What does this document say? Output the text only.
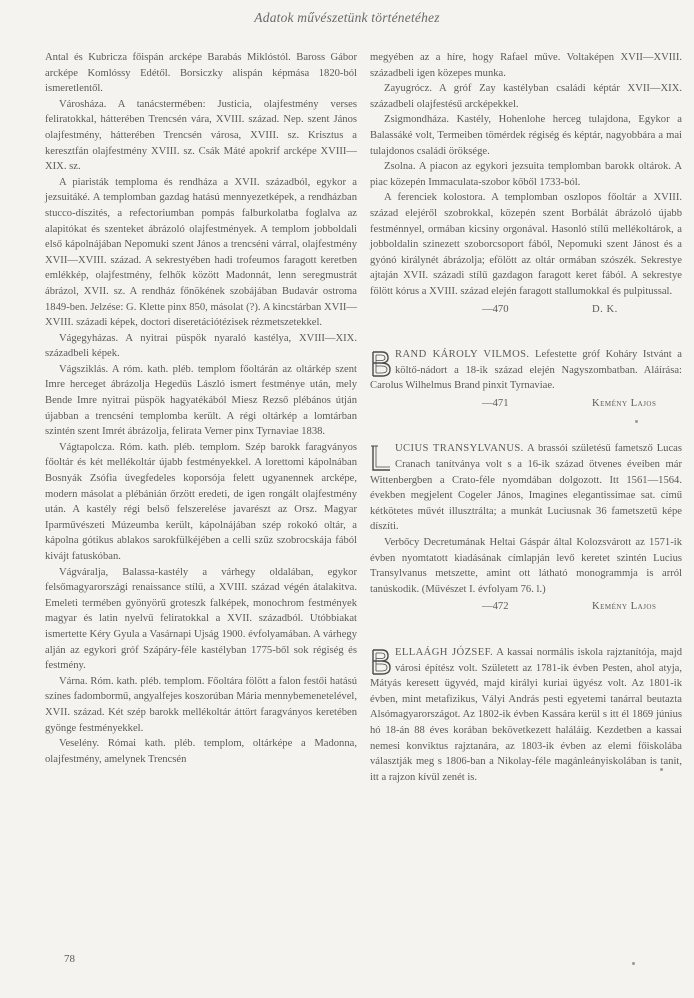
Adatok művészetünk történetéhez

Antal és Kubricza főispán arcképe Barabás Miklóstól. Baross Gábor arcképe Komlóssy Edétől. Borsiczky alispán képmása 1820-ból ismeretlentől.

Városháza. A tanácstermében: Justicia, olajfestmény verses feliratokkal, hátterében Trencsén vára, XVIII. század. Nep. szent János olajfestmény, hátterében Trencsén városa, XVIII. sz. Krisztus a keresztfán olajfestmény XVIII. sz. Csák Máté apokrif arcképe XVIII—XIX. sz.

A piaristák temploma és rendháza a XVII. századból, egykor a jezsuitáké. A templomban gazdag hatású mennyezetképek, a rendházban stucco-díszités, a refectoriumban pompás falburkolatba foglalva az alapitókat és szenteket ábrázoló olajfestmények. A templom jobboldali első kápolnájában Nepomuki szent János a trencséni várral, olajfestmény XVII—XVIII. század. A sekrestyében hadi trofeumos faragott keretben emlékkép, olajfestmény, felhők között Madonnát, lenn seregmustrát ábrázol, XVII. sz. A rendház főnökének szobájában Budavár ostroma 1849-ben. Jelzése: G. Klette pinx 850, másolat (?). A kincstárban XVII—XVIII. századi képek, doctori diseretációtézisek rézmetszetekkel.

Vágegyházas. A nyitrai püspök nyaraló kastélya, XVIII—XIX. századbeli képek.

Vágsziklás. A róm. kath. pléb. templom főoltárán az oltárkép szent Imre herceget ábrázolja Hegedüs László ismert festménye után, mely Bende Imre nyitrai püspök hagyatékából Miesz Rezső plébános útján újabban a trencséni templomba került. A régi oltárkép a lomtárban szintén szent Imrét ábrázolja, felirata Verner pinx Tyrnaviae 1838.

Vágtapolcza. Róm. kath. pléb. templom. Szép barokk faragványos főoltár és két mellékoltár újabb festményekkel. A lorettomi kápolnában Bosnyák Zsófia üvegfedeles koporsója felett ugyanennek arcképe, modern másolat a plébánián őrzött eredeti, de igen rongált olajfestmény után. A kastély régi belső felszerelése javarészt az Orsz. Magyar Iparművészeti Múzeumba került, kápolnájában szép rokokó oltár, a kápolna gótikus ablakos sarokfülkéjében a celli szűz szobrocskája fából kivájt fatuskóban.

Vágváralja, Balassa-kastély a várhegy oldalában, egykor felsőmagyarországi renaissance stílű, a XVIII. század végén átalakitva. Emeleti termében gyönyörű groteszk falképek, monochrom festmények magyar és latin nyelvű feliratokkal a XVII. századból. Utóbbiakat ismertette Kéry Gyula a Vasárnapi Ujság 1900. évfolyamában. A várhegy alján az egykori gróf Szápáry-féle kastélyban 1775-ből sok régiség és festmény.

Várna. Róm. kath. pléb. templom. Főoltára fölött a falon festői hatású színes fadombormű, angyalfejes koszorúban Mária mennybemenetelével, XVII. század. Két szép barokk mellékoltár áttört faragványos keretében gyönge festményekkel.

Veselény. Római kath. pléb. templom, oltárképe a Madonna, olajfestmény, amelynek Trencsén

megyében az a híre, hogy Rafael műve. Voltaképen XVII—XVIII. századbeli igen közepes munka.

Zayugrócz. A gróf Zay kastélyban családi képtár XVII—XIX. századbeli olajfestésű arcképekkel.

Zsigmondháza. Kastély, Hohenlohe herceg tulajdona, Egykor a Balassáké volt, Termeiben tömérdek régiség és képtár, nagyobbára a mai tulajdonos családi öröksége.

Zsolna. A piacon az egykori jezsuita templomban barokk oltárok. A piac közepén Immaculata-szobor kőből 1733-ból.

A ferenciek kolostora. A templomban oszlopos főoltár a XVIII. század elejéről szobrokkal, közepén szent Borbálát ábrázoló újabb festménnyel, ormában kicsiny orgonával. Hasonló stílű mellékoltárok, a jobboldalin szinezett szoborcsoport fából, Nepomuki szent Jánost és a gyónó királynét ábrázolja; efölött az oltár ormában szószék. Sekrestye ajtaján XVII. századi stílű gazdagon faragott keret fából. A sekrestye fölött kórus a XVIII. század elején faragott stallumokkal és pulpitussal.

—470	D. K.

RAND KÁROLY VILMOS. Lefestette gróf Koháry Istvánt a költő-nádort a 18-ik század elején Nagyszombatban. Aláírása: Carolus Wilhelmus Brand pinxit Tyrnaviae.

—471	Kemény Lajos

UCIUS TRANSYLVANUS. A brassói születésű fametsző Lucas Cranach tanítványa volt s a 16-ik század ötvenes éveiben már Wittenbergben a Crato-féle nyomdában dolgozott. Itt 1561—1564. években megjelent Cogeler János, Imagines elegantissimae sat. című kétkötetes művét illusztrálta; a munkát Luciusnak 36 fametszetű képe díszíti.

Verbőcy Decretumának Heltai Gáspár által Kolozsvárott az 1571-ik évben nyomtatott kiadásának címlapján levő keretet szintén Lucius Transylvanus metszette, amint ott látható monogrammja is arról tanúskodik. (Művészet I. évfolyam 76. l.)

—472	Kemény Lajos

ELLAÁGH JÓZSEF. A kassai normális iskola rajztanítója, majd városi építész volt. Született az 1781-ik évben Pesten, ahol atyja, Mátyás keresett ügyvéd, majd királyi kuriai ügyész volt. Az 1801-ik évben, mint metafizikus, Vályi András pesti egyetemi tanárral beutazta Alsómagyarországot. Az 1802-ik évben Kassára kerül s itt él 1869 június hó 18-án 88 éves korában bekövetkezett haláláig. Kezdetben a kassai nemesi konviktus rajztanára, az 1803-ik évben az elemi főiskolába választják meg s 1806-ban a Nikolay-féle magánleányiskolában is tanit, itt a rajzon kívül zenét is.

78
